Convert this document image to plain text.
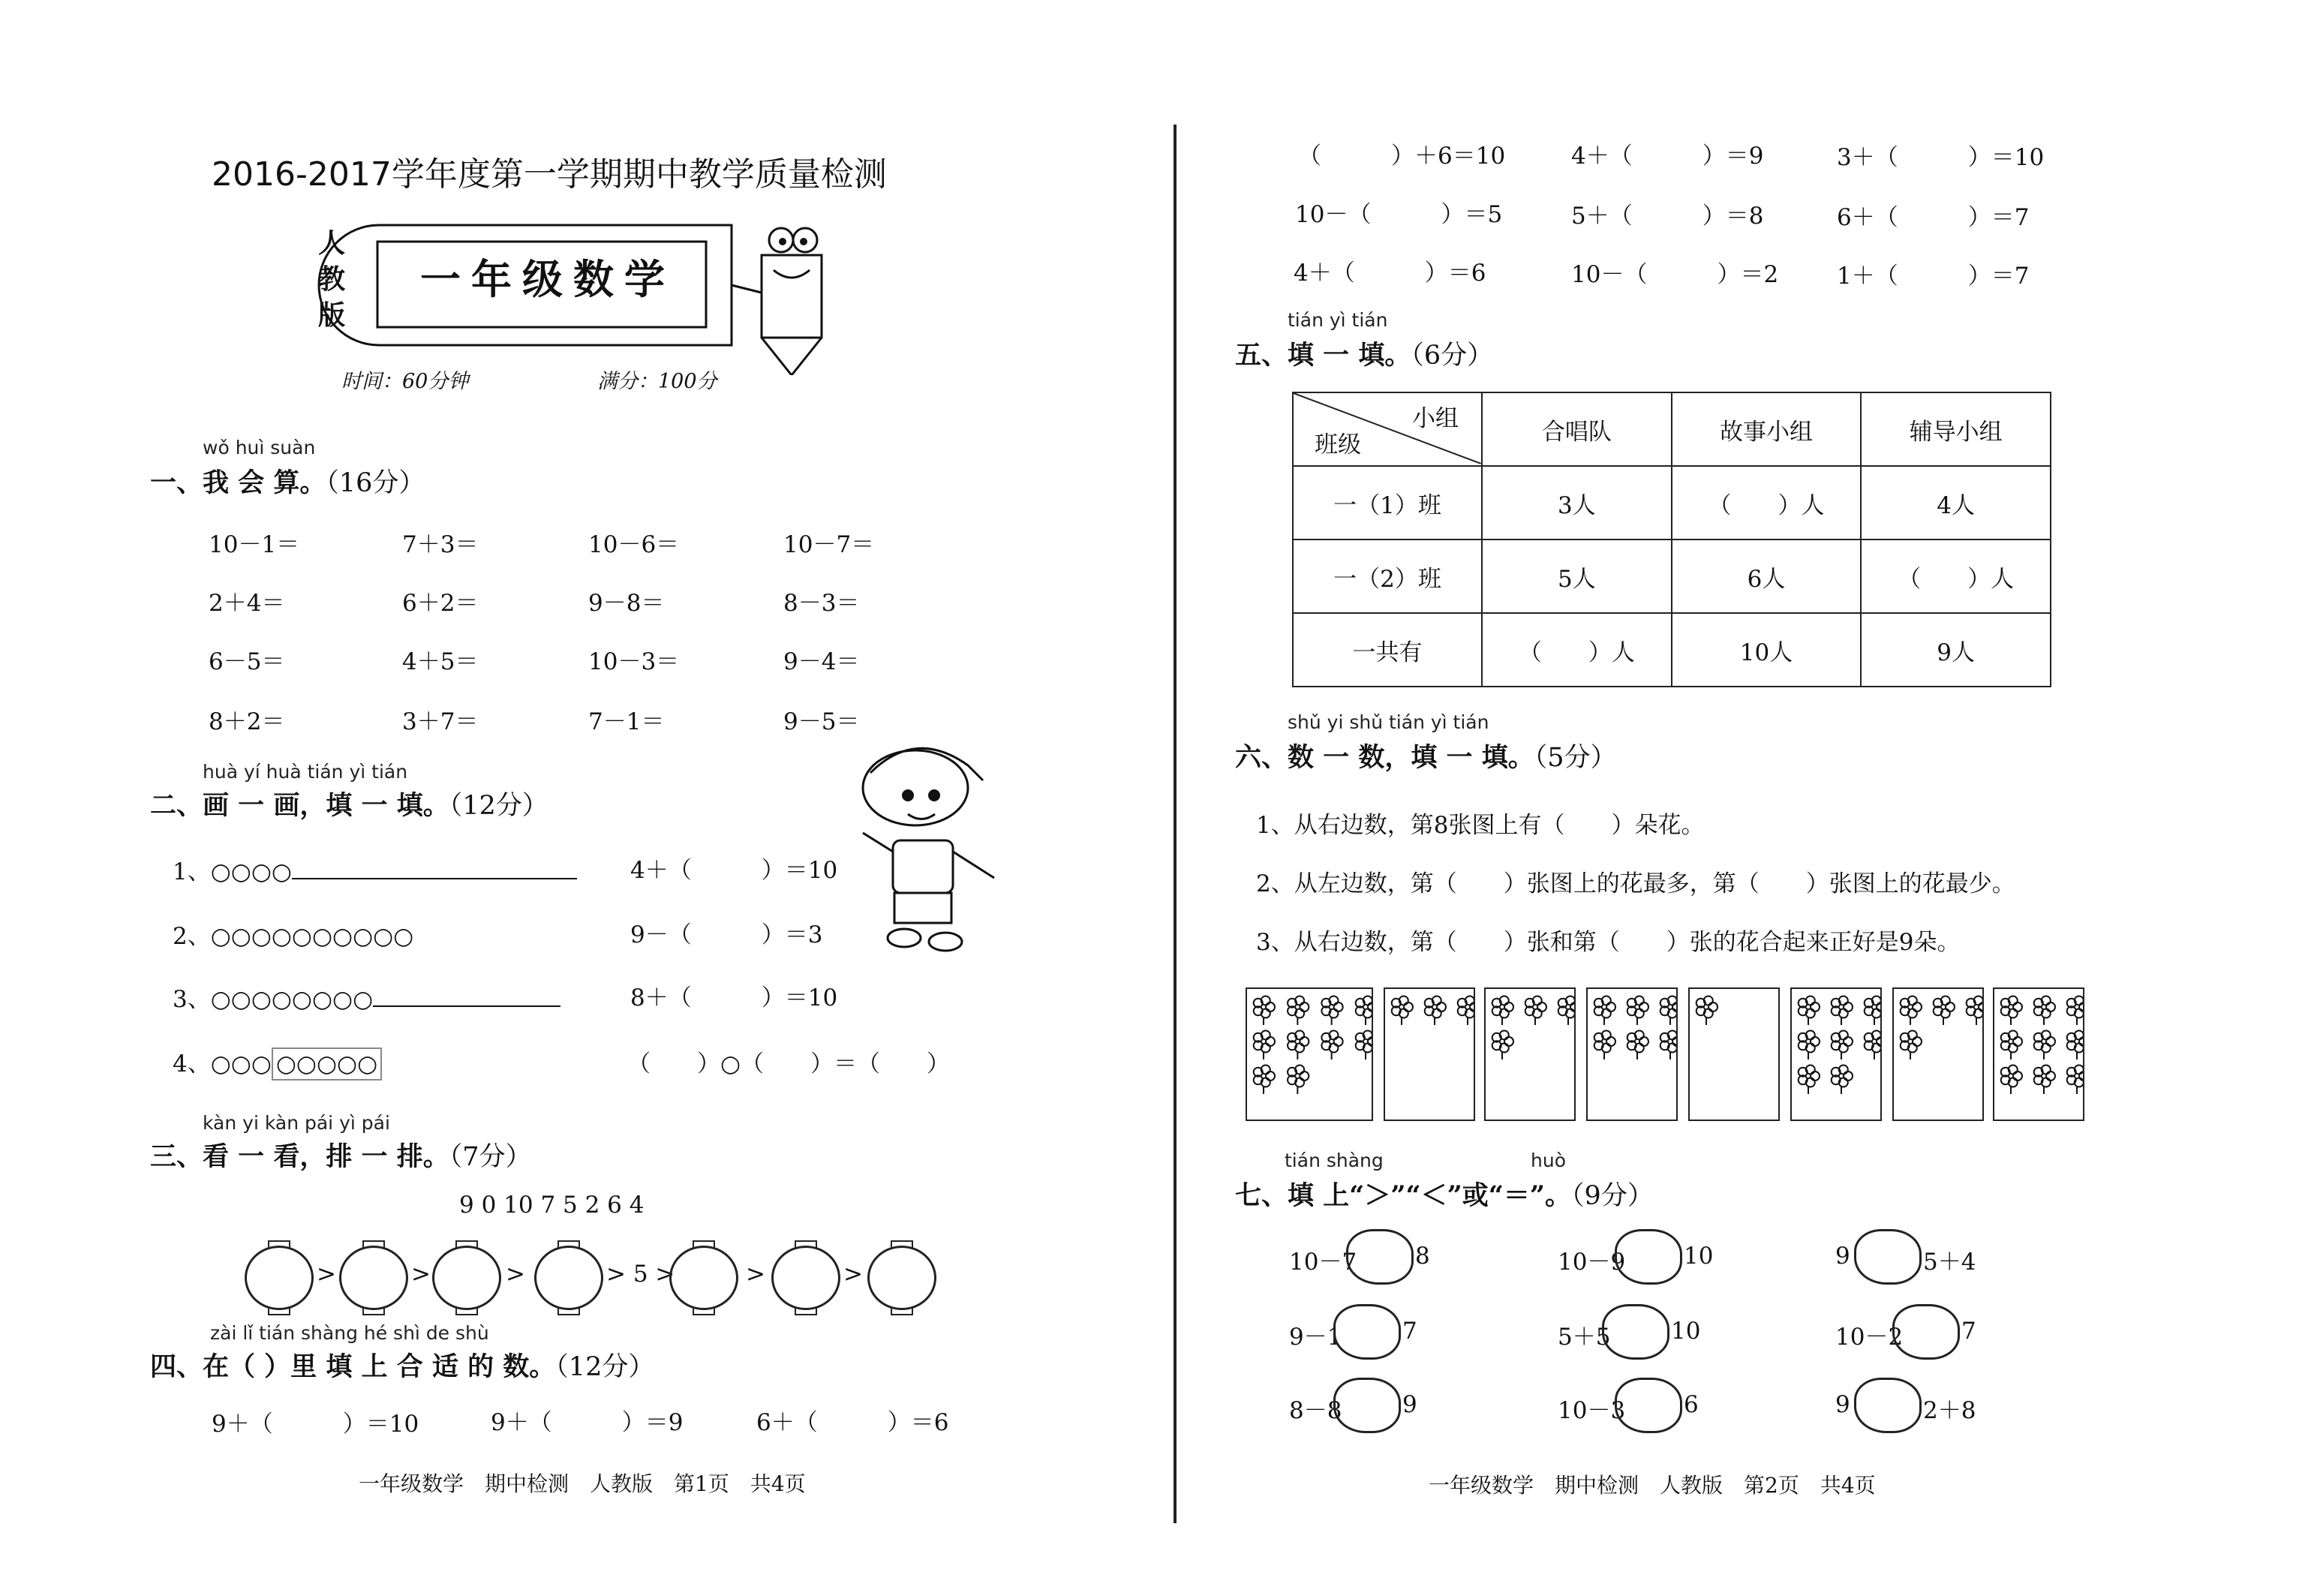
2016-2017学年度第一学期期中教学质量检测
人教版
一年级数学
时间：60分钟	满分：100分
wǒ huì suàn
一、我 会 算。（16分）
10－1＝	7＋3＝	10－6＝	10－7＝
2＋4＝	6＋2＝	9－8＝	8－3＝
6－5＝	4＋5＝	10－3＝	9－4＝
8＋2＝	3＋7＝	7－1＝	9－5＝
huà yí huà tián yì tián
二、画 一 画，填 一 填。（12分）
1、○○○○	4＋（　　　）＝10
2、○○○○○○○○○○	9－（　　　）＝3
3、○○○○○○○○	8＋（　　　）＝10
4、○○○ ○○○○○	（　　）○（　　）＝（　　）
kàn yi kàn pái yì pái
三、看 一 看，排 一 排。（7分）
9 0 10 7 5 2 6 4
>	>	>	> 5 >	>	>
zài lǐ tián shàng hé shì de shù
四、在（ ）里 填 上 合 适 的 数。（12分）
9＋（　　　）＝10	9＋（　　　）＝9	6＋（　　　）＝6
一年级数学　期中检测　人教版　第1页　共4页
（　　　）＋6＝10	4＋（　　　）＝9	3＋（　　　）＝10
10－（　　　）＝5	5＋（　　　）＝8	6＋（　　　）＝7
4＋（　　　）＝6	10－（　　　）＝2	1＋（　　　）＝7
tián yì tián
五、填 一 填。（6分）
小组
班级	合唱队	故事小组	辅导小组
一（1）班	3人	（　　）人	4人
一（2）班	5人	6人	（　　）人
一共有	（　　）人	10人	9人
shǔ yi shǔ tián yì tián
六、数 一 数，填 一 填。（5分）
1、从右边数，第8张图上有（　　）朵花。
2、从左边数，第（　　）张图上的花最多，第（　　）张图上的花最少。
3、从右边数，第（　　）张和第（　　）张的花合起来正好是9朵。
tián shàng	huò
七、填 上“＞”“＜”或“＝”。（9分）
10－7	8	10－9	10	9	5＋4
9－1	7	5＋5	10	10－2	7
8－8	9	10－3	6	9	2＋8
一年级数学　期中检测　人教版　第2页　共4页
